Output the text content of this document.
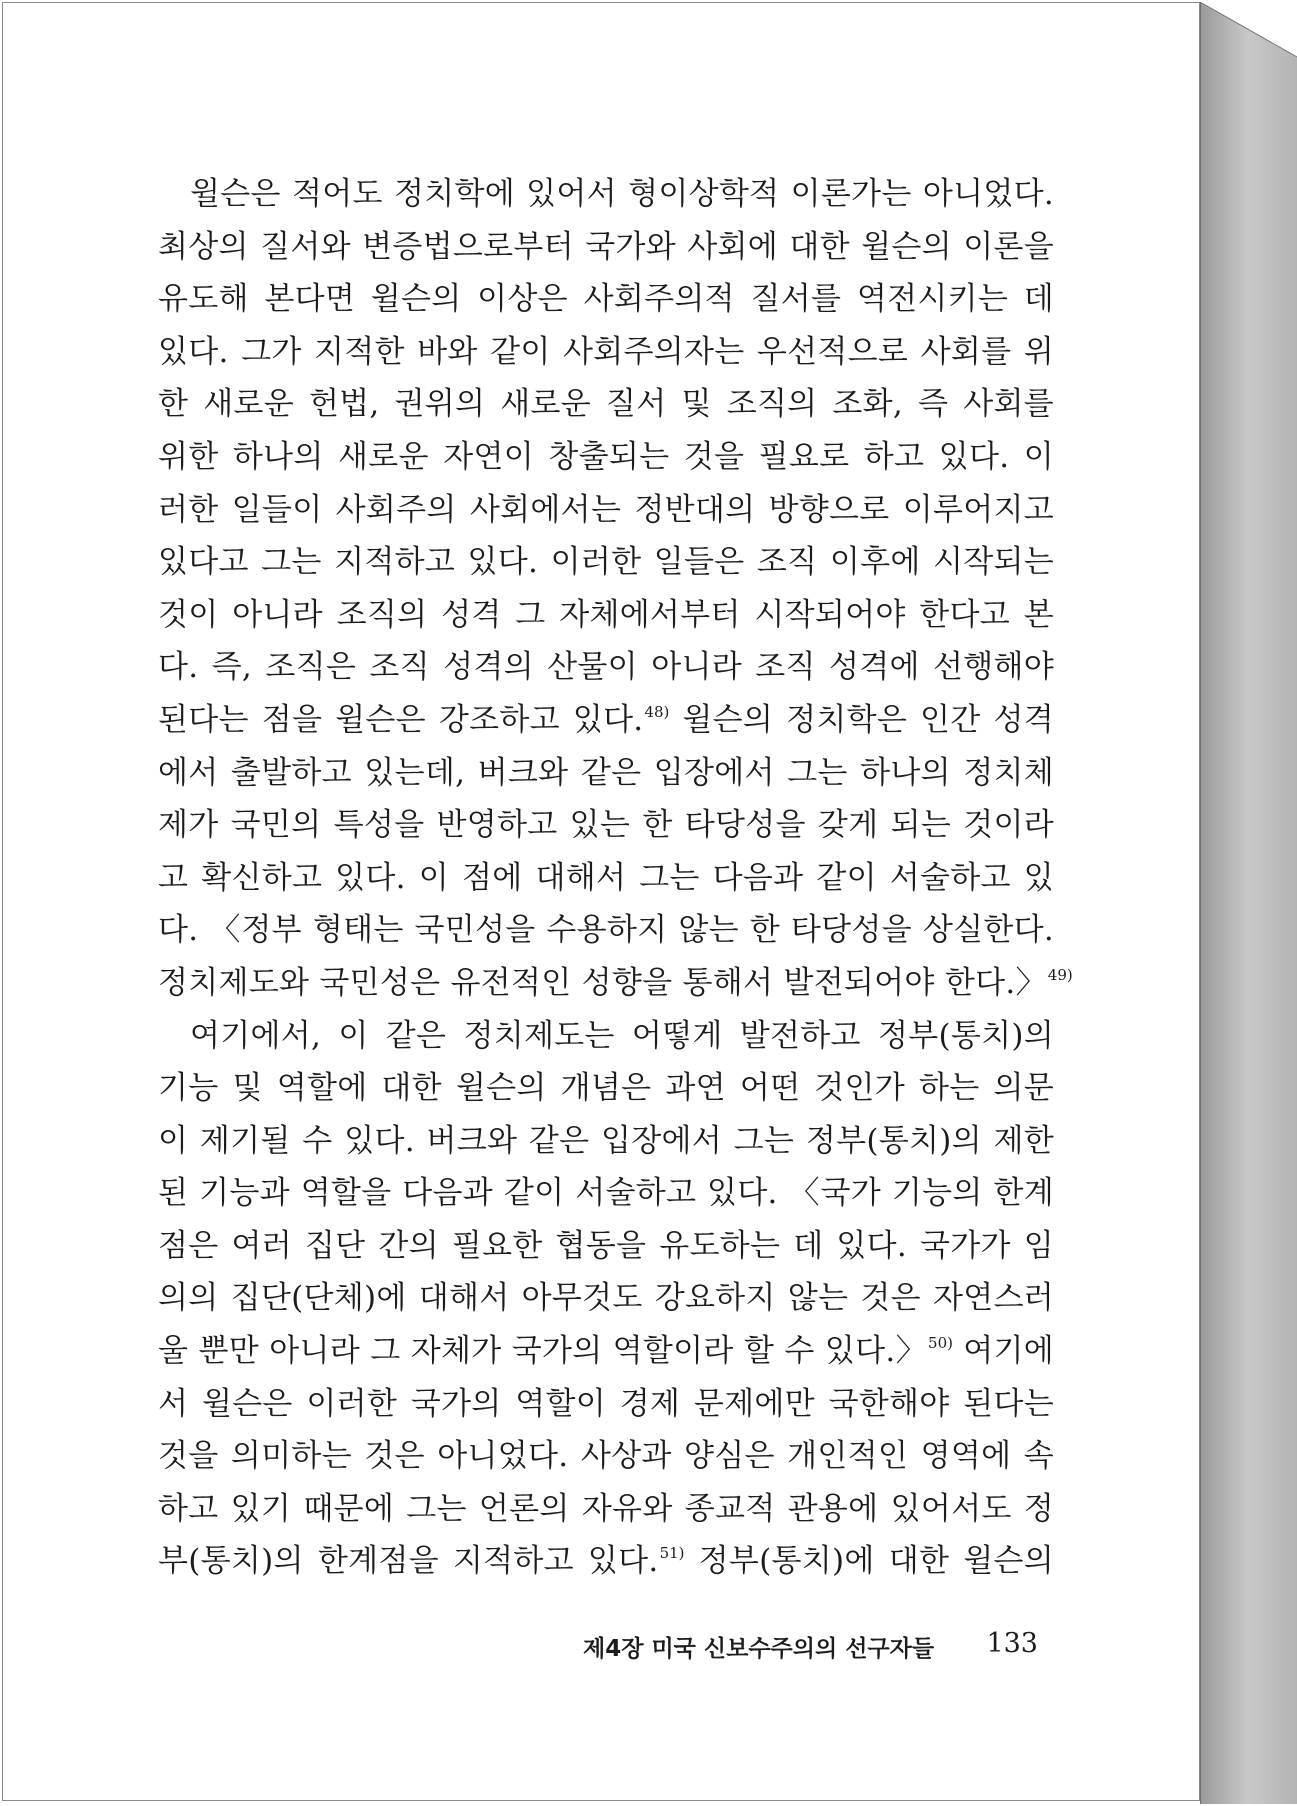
윌슨은 적어도 정치학에 있어서 형이상학적 이론가는 아니었다.
최상의 질서와 변증법으로부터 국가와 사회에 대한 윌슨의 이론을
유도해 본다면 윌슨의 이상은 사회주의적 질서를 역전시키는 데
있다. 그가 지적한 바와 같이 사회주의자는 우선적으로 사회를 위
한 새로운 헌법, 권위의 새로운 질서 및 조직의 조화, 즉 사회를
위한 하나의 새로운 자연이 창출되는 것을 필요로 하고 있다. 이
러한 일들이 사회주의 사회에서는 정반대의 방향으로 이루어지고
있다고 그는 지적하고 있다. 이러한 일들은 조직 이후에 시작되는
것이 아니라 조직의 성격 그 자체에서부터 시작되어야 한다고 본
다. 즉, 조직은 조직 성격의 산물이 아니라 조직 성격에 선행해야
된다는 점을 윌슨은 강조하고 있다.$^{48)}$ 윌슨의 정치학은 인간 성격
에서 출발하고 있는데, 버크와 같은 입장에서 그는 하나의 정치체
제가 국민의 특성을 반영하고 있는 한 타당성을 갖게 되는 것이라
고 확신하고 있다. 이 점에 대해서 그는 다음과 같이 서술하고 있
다. 〈정부 형태는 국민성을 수용하지 않는 한 타당성을 상실한다.
정치제도와 국민성은 유전적인 성향을 통해서 발전되어야 한다.〉$^{49)}$
여기에서, 이 같은 정치제도는 어떻게 발전하고 정부(통치)의
기능 및 역할에 대한 윌슨의 개념은 과연 어떤 것인가 하는 의문
이 제기될 수 있다. 버크와 같은 입장에서 그는 정부(통치)의 제한
된 기능과 역할을 다음과 같이 서술하고 있다. 〈국가 기능의 한계
점은 여러 집단 간의 필요한 협동을 유도하는 데 있다. 국가가 임
의의 집단(단체)에 대해서 아무것도 강요하지 않는 것은 자연스러
울 뿐만 아니라 그 자체가 국가의 역할이라 할 수 있다.〉$^{50)}$ 여기에
서 윌슨은 이러한 국가의 역할이 경제 문제에만 국한해야 된다는
것을 의미하는 것은 아니었다. 사상과 양심은 개인적인 영역에 속
하고 있기 때문에 그는 언론의 자유와 종교적 관용에 있어서도 정
부(통치)의 한계점을 지적하고 있다.$^{51)}$ 정부(통치)에 대한 윌슨의
제4장 미국 신보수주의의 선구자들 133
